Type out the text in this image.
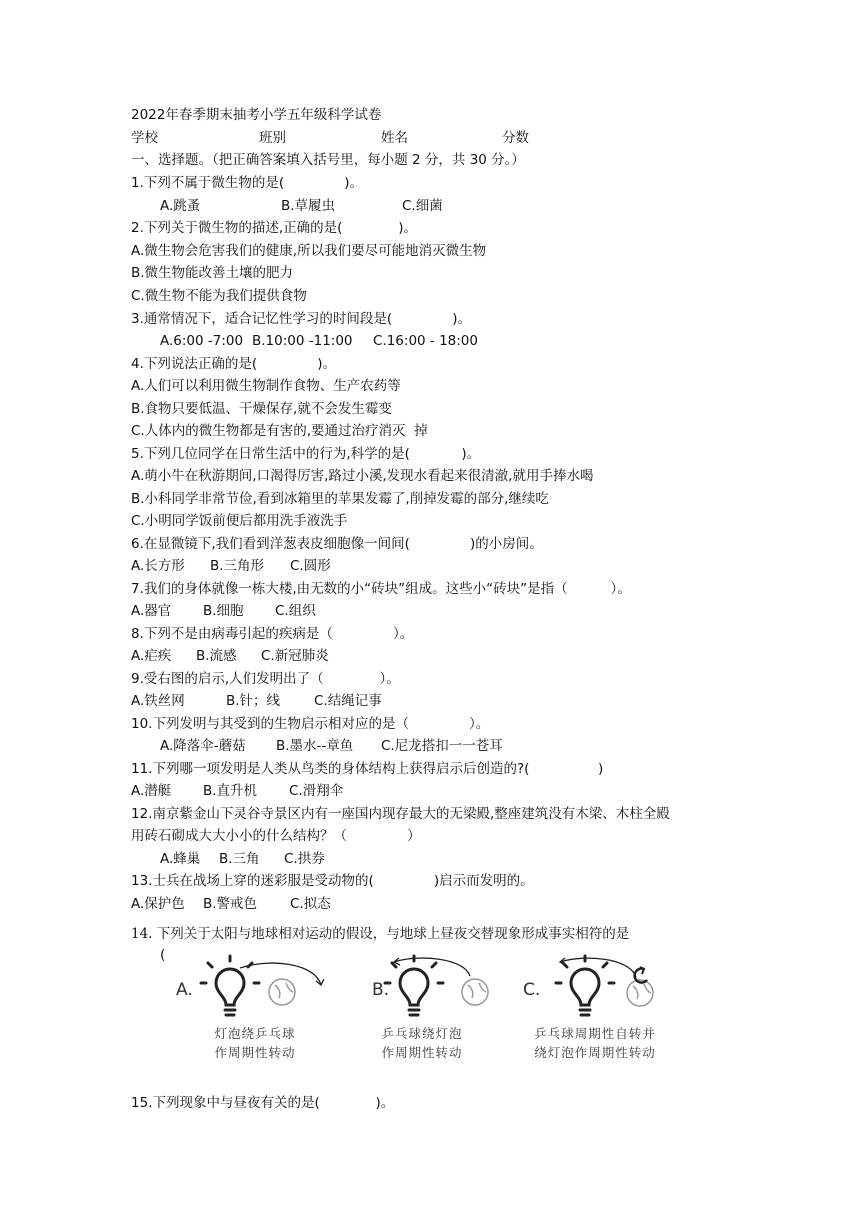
2022年春季期末抽考小学五年级科学试卷
学校	班别	姓名	分数
一、选择题。（把正确答案填入括号里，每小题 2 分，共 30 分。）
1.下列不属于微生物的是(              )。
A.跳蚤	B.草履虫	C.细菌
2.下列关于微生物的描述,正确的是(             )。
A.微生物会危害我们的健康,所以我们要尽可能地消灭微生物
B.微生物能改善土壤的肥力
C.微生物不能为我们提供食物
3.通常情况下，适合记忆性学习的时间段是(              )。
A.6:00 -7:00 B.10:00 -11:00 C.16:00 - 18:00
4.下列说法正确的是(              )。
A.人们可以利用微生物制作食物、生产农药等
B.食物只要低温、干燥保存,就不会发生霉变
C.人体内的微生物都是有害的,要通过治疗消灭  掉
5.下列几位同学在日常生活中的行为,科学的是(            )。
A.萌小牛在秋游期间,口渴得厉害,路过小溪,发现水看起来很清澈,就用手捧水喝
B.小科同学非常节俭,看到冰箱里的苹果发霉了,削掉发霉的部分,继续吃
C.小明同学饭前便后都用洗手液洗手
6.在显微镜下,我们看到洋葱表皮细胞像一间间(              )的小房间。
A.长方形 B.三角形 C.圆形
7.我们的身体就像一栋大楼,由无数的小“砖块”组成。这些小“砖块”是指（          ）。
A.器官 B.细胞 C.组织
8.下列不是由病毒引起的疾病是（              ）。
A.疟疾 B.流感 C.新冠肺炎
9.受右图的启示,人们发明出了（             ）。
A.铁丝网	B.针；线	C.结绳记事
10.下列发明与其受到的生物启示相对应的是（              ）。
A.降落伞-蘑菇 B.墨水--章鱼 C.尼龙搭扣一一苍耳
11.下列哪一项发明是人类从鸟类的身体结构上获得启示后创造的?(                )
A.潜艇 B.直升机 C.滑翔伞
12.南京紫金山下灵谷寺景区内有一座国内现存最大的无梁殿,整座建筑没有木梁、木柱全殿
用砖石砌成大大小小的什么结构？（              ）
A.蜂巢 B.三角 C.拱券
13.士兵在战场上穿的迷彩服是受动物的(              )启示而发明的。
A.保护色 B.警戒色 C.拟态
14. 下列关于太阳与地球相对运动的假设，与地球上昼夜交替现象形成事实相符的是
(
A.
灯泡绕乒乓球
作周期性转动
B.
乒乓球绕灯泡
作周期性转动
C.
乒乓球周期性自转并
绕灯泡作周期性转动
15.下列现象中与昼夜有关的是(             )。
